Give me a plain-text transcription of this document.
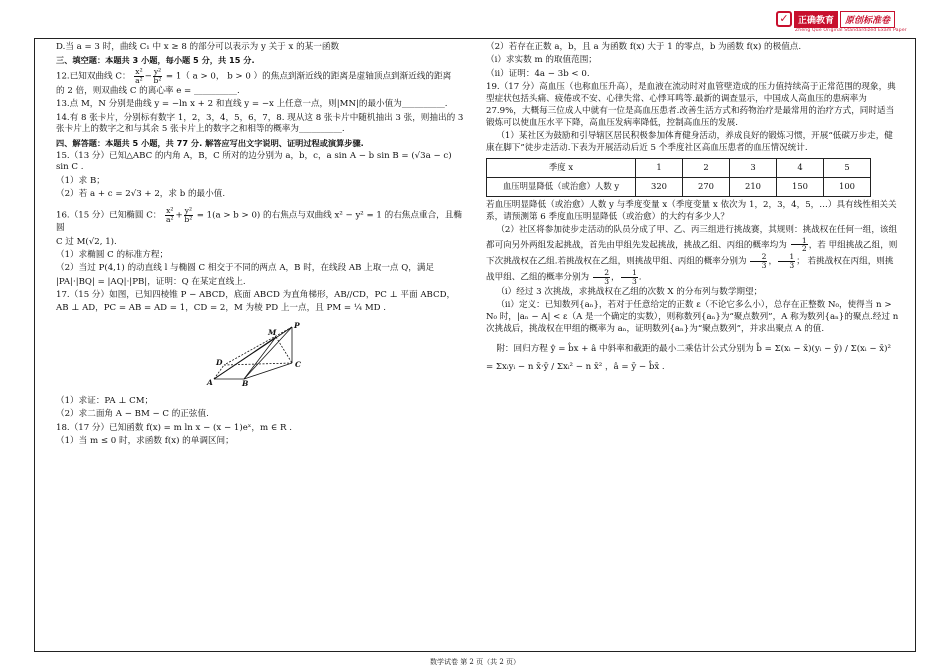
✓	正确教育	原创标准卷
Zheng Que Original Standardized Exam Paper

D.当 a = 3 时，曲线 C₁ 中 x ≥ 8 的部分可以表示为 y 关于 x 的某一函数

三、填空题：本题共 3 小题，每小题 5 分，共 15 分.

12.已知双曲线 C： $\frac{\text{x²}}{\text{a²}} - \frac{\text{y²}}{\text{b²}} = 1$（ a > 0， b > 0 ）的焦点到渐近线的距离是虚轴顶点到渐近线的距离

的 2 倍，则双曲线 C 的离心率 e = __________.

13.点 M，N 分别是曲线 y = −ln x + 2 和直线 y = −x 上任意一点，则|MN|的最小值为__________.

14.有 8 张卡片，分别标有数字 1，2，3，4，5，6，7，8. 现从这 8 张卡片中随机抽出 3 张，则抽出的 3 张卡片上的数字之和与其余 5 张卡片上的数字之和相等的概率为__________.

四、解答题：本题共 5 小题，共 77 分. 解答应写出文字说明、证明过程或演算步骤.

15.（13 分）已知△ABC 的内角 A，B，C 所对的边分别为 a，b，c，a sin A − b sin B = (√3a − c) sin C .

（1）求 B；

（2）若 a + c = 2√3 + 2，求 b 的最小值.

16.（15 分）已知椭圆 C： $\frac{\text{x²}}{\text{a²}} + \frac{\text{y²}}{\text{b²}} = 1(a > b > 0)$ 的右焦点与双曲线 x² − y² = 1 的右焦点重合，且椭圆

C 过 M(√2, 1).

（1）求椭圆 C 的标准方程；

（2）当过 P(4,1) 的动直线 l 与椭圆 C 相交于不同的两点 A，B 时，在线段 AB 上取一点 Q，满足

|PA|·|BQ| = |AQ|·|PB|，证明：Q 在某定直线上.

17.（15 分）如图，已知四棱锥 P − ABCD，底面 ABCD 为直角梯形，AB//CD，PC ⊥ 平面 ABCD，

AB ⊥ AD，PC = AB = AD = 1，CD = 2，M 为棱 PD 上一点，且 PM = ¼ MD .

M
P
D	C
A	B

（1）求证：PA ⊥ CM；

（2）求二面角 A − BM − C 的正弦值.

18.（17 分）已知函数 f(x) = m ln x − (x − 1)eˣ，m ∈ R .

（1）当 m ≤ 0 时，求函数 f(x) 的单调区间；

（2）若存在正数 a，b，且 a 为函数 f(x) 大于 1 的零点，b 为函数 f(x) 的极值点.

（i）求实数 m 的取值范围；

（ii）证明：4a − 3b < 0.

19.（17 分）高血压（也称血压升高），是血液在流动时对血管壁造成的压力值持续高于正常范围的现象，典型症状包括头痛、疲倦或不安、心律失常、心悸耳鸣等.最新的调查显示，中国成人高血压的患病率为 27.9%，大概每三位成人中就有一位是高血压患者.改善生活方式和药物治疗是最常用的治疗方式，同时适当锻炼可以使血压水平下降，高血压发病率降低，控制高血压的发展.

（1）某社区为鼓励和引导辖区居民积极参加体育健身活动，养成良好的锻炼习惯，开展“低碳万步走，健康在脚下”徒步走活动.下表为开展活动后近 5 个季度社区高血压患者的血压情况统计.

季度 x	1	2	3	4	5
血压明显降低（或治愈）人数 y	320	270	210	150	100

若血压明显降低（或治愈）人数 y 与季度变量 x（季度变量 x 依次为 1，2，3，4，5，…）具有线性相关关系，请预测第 6 季度血压明显降低（或治愈）的大约有多少人？

（2）社区将参加徒步走活动的队员分成了甲、乙、丙三组进行挑战赛，其规则：挑战权在任何一组，该组都可向另外两组发起挑战，首先由甲组先发起挑战，挑战乙组、丙组的概率均为 $\frac{1}{2}$ ，若 甲组挑战乙组，则下次挑战权在乙组.若挑战权在乙组，则挑战甲组、丙组的概率分别为 $\frac{2}{3}$ ， $\frac{1}{3}$ ； 若挑战权在丙组，则挑战甲组、乙组的概率分别为 $\frac{2}{3}$ ， $\frac{1}{3}$ .

（i）经过 3 次挑战，求挑战权在乙组的次数 X 的分布列与数学期望；

（ii）定义：已知数列{aₙ}，若对于任意给定的正数 ε（不论它多么小），总存在正整数 N₀，使得当 n > N₀ 时，|aₙ − A| < ε（A 是一个确定的实数），则称数列{aₙ}为“聚点数列”，A 称为数列{aₙ}的聚点.经过 n 次挑战后，挑战权在甲组的概率为 aₙ，证明数列{aₙ}为“聚点数列”，并求出聚点 A 的值.

附：回归方程 ŷ = b̂x + â 中斜率和截距的最小二乘估计公式分别为 b̂ = Σ(xᵢ − x̄)(yᵢ − ȳ) / Σ(xᵢ − x̄)²

= Σxᵢyᵢ − n x̄·ȳ / Σxᵢ² − n x̄² ，â = ȳ − b̂x̄ .

数学试卷 第 2 页（共 2 页）
